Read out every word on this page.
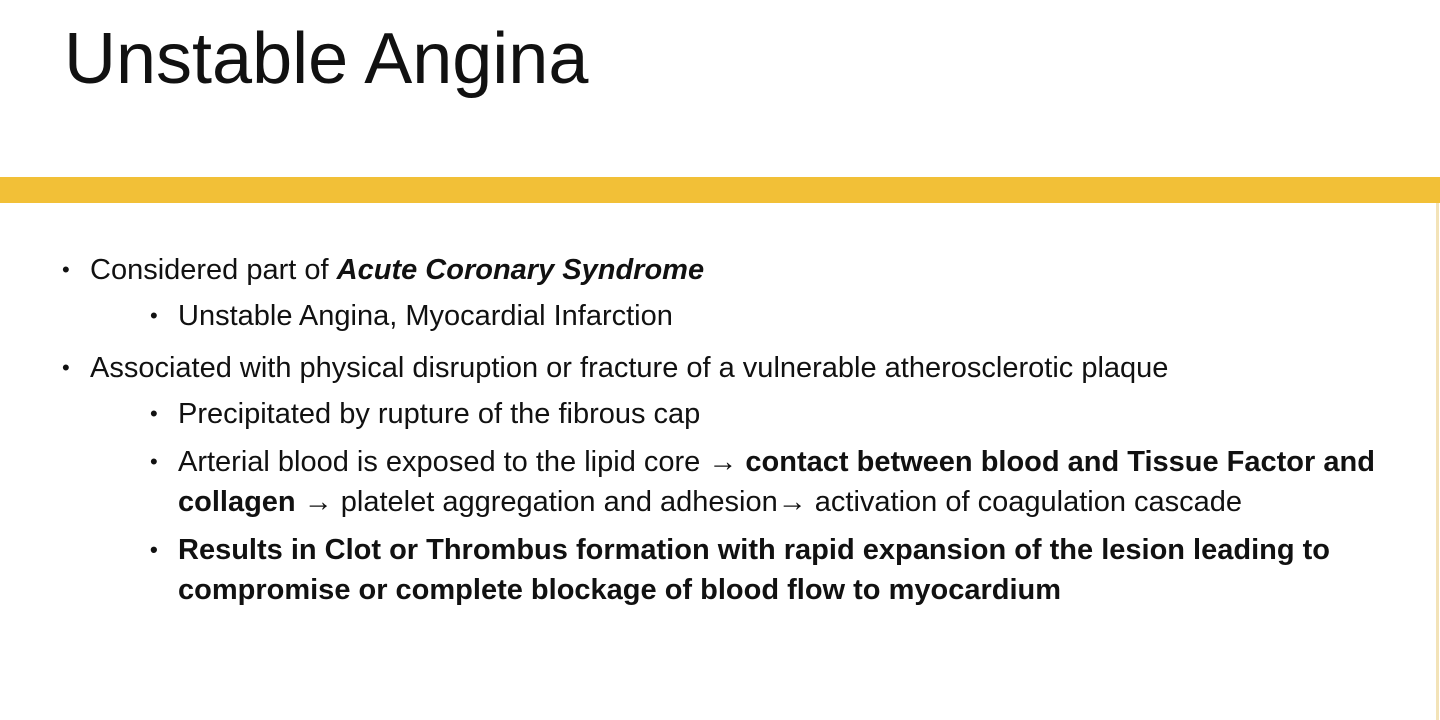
Unstable Angina
• Considered part of Acute Coronary Syndrome
• Unstable Angina, Myocardial Infarction
• Associated with physical disruption or fracture of a vulnerable atherosclerotic plaque
• Precipitated by rupture of the fibrous cap
• Arterial blood is exposed to the lipid core → contact between blood and Tissue Factor and collagen → platelet aggregation and adhesion→ activation of coagulation cascade
• Results in Clot or Thrombus formation with rapid expansion of the lesion leading to compromise or complete blockage of blood flow to myocardium
